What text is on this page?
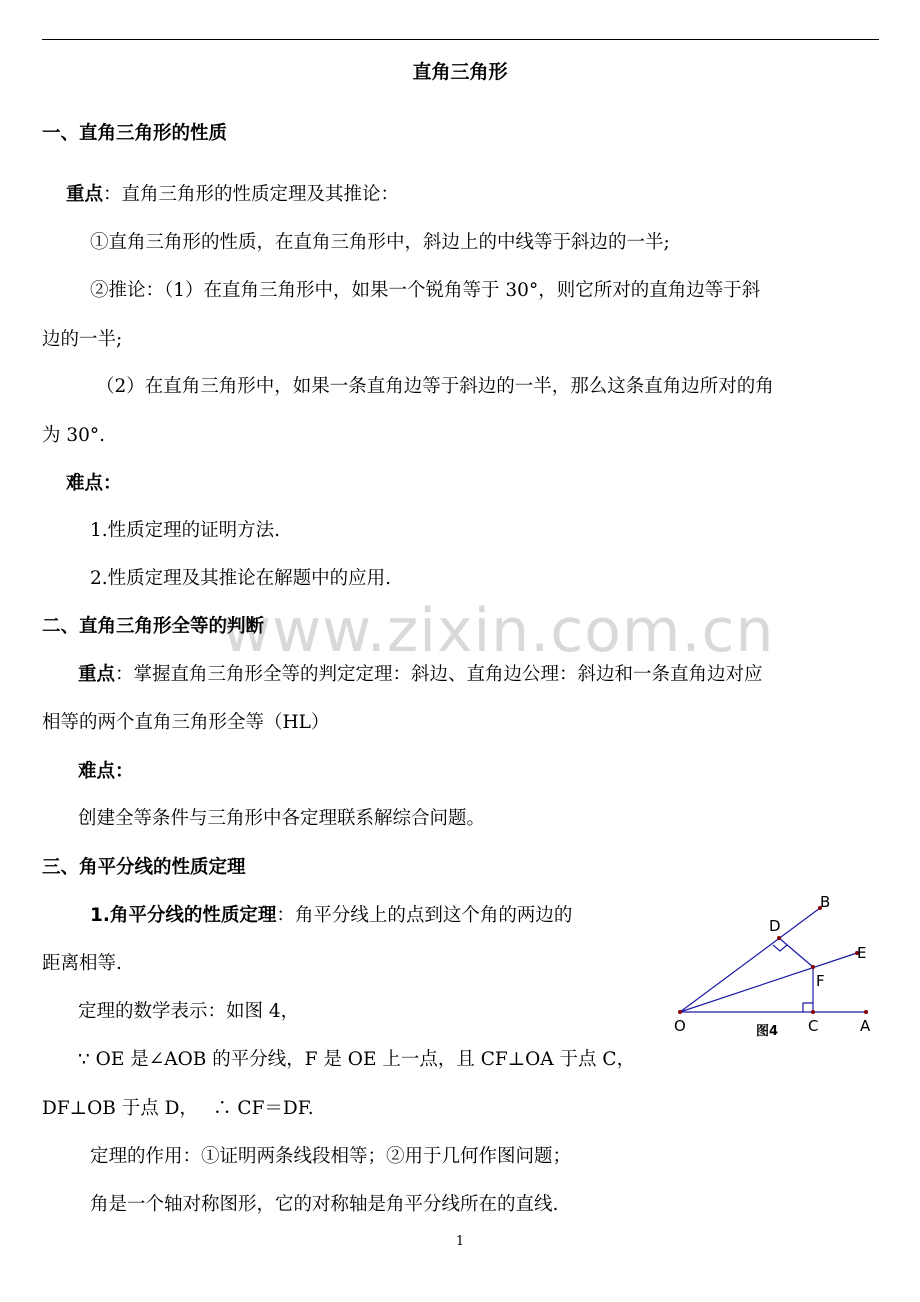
www.zixin.com.cn
直角三角形
一、直角三角形的性质
重点：直角三角形的性质定理及其推论：
①直角三角形的性质，在直角三角形中，斜边上的中线等于斜边的一半;
②推论：（1）在直角三角形中，如果一个锐角等于 30°，则它所对的直角边等于斜
边的一半;
（2）在直角三角形中，如果一条直角边等于斜边的一半，那么这条直角边所对的角
为 30°.
难点：
1.性质定理的证明方法.
2.性质定理及其推论在解题中的应用.
二、直角三角形全等的判断
重点：掌握直角三角形全等的判定定理：斜边、直角边公理：斜边和一条直角边对应
相等的两个直角三角形全等（HL）
难点：
创建全等条件与三角形中各定理联系解综合问题。
三、角平分线的性质定理
1.角平分线的性质定理：角平分线上的点到这个角的两边的
距离相等.
定理的数学表示：如图 4，
∵ OE 是∠AOB 的平分线，F 是 OE 上一点，且 CF⊥OA 于点 C，
DF⊥OB 于点 D，　 ∴ CF＝DF.
定理的作用：①证明两条线段相等；②用于几何作图问题；
角是一个轴对称图形，它的对称轴是角平分线所在的直线.
B
D
E
F
O	C	A
图4
1
